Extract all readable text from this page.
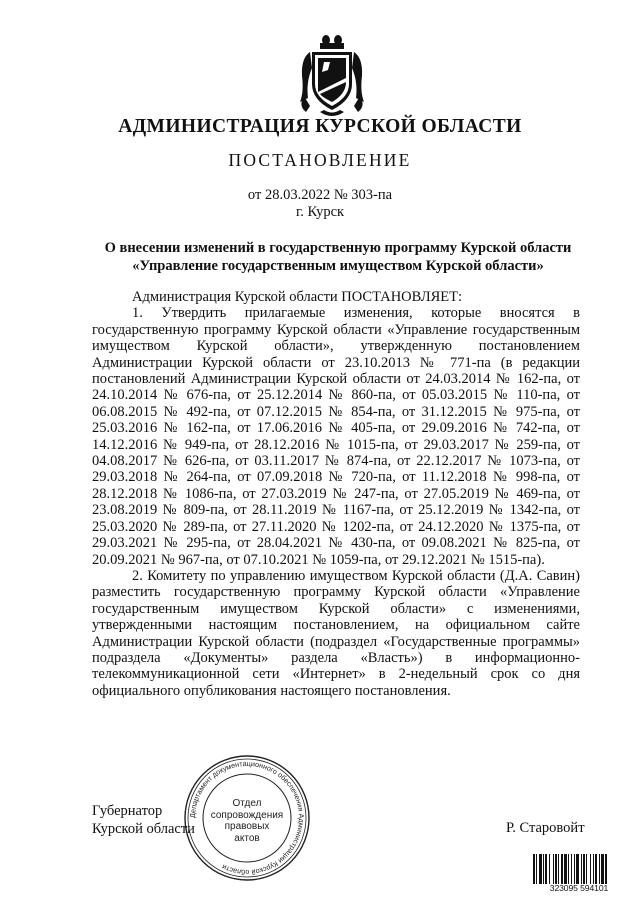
АДМИНИСТРАЦИЯ КУРСКОЙ ОБЛАСТИ
ПОСТАНОВЛЕНИЕ
от 28.03.2022 № 303-па
г. Курск
О внесении изменений в государственную программу Курской области
«Управление государственным имуществом Курской области»

Администрация Курской области ПОСТАНОВЛЯЕТ:

1. Утвердить прилагаемые изменения, которые вносятся в государственную программу Курской области «Управление государственным имуществом Курской области», утвержденную постановлением Администрации Курской области от 23.10.2013 № 771-па (в редакции постановлений Администрации Курской области от 24.03.2014 № 162-па, от 24.10.2014 № 676-па, от 25.12.2014 № 860-па, от 05.03.2015 № 110-па, от 06.08.2015 № 492-па, от 07.12.2015 № 854-па, от 31.12.2015 № 975-па, от 25.03.2016 № 162-па, от 17.06.2016 № 405-па, от 29.09.2016 № 742-па, от 14.12.2016 № 949-па, от 28.12.2016 № 1015-па, от 29.03.2017 № 259-па, от 04.08.2017 № 626-па, от 03.11.2017 № 874-па, от 22.12.2017 № 1073-па, от 29.03.2018 № 264-па, от 07.09.2018 № 720-па, от 11.12.2018 № 998-па, от 28.12.2018 № 1086-па, от 27.03.2019 № 247-па, от 27.05.2019 № 469-па, от 23.08.2019 № 809-па, от 28.11.2019 № 1167-па, от 25.12.2019 № 1342-па, от 25.03.2020 № 289-па, от 27.11.2020 № 1202-па, от 24.12.2020 № 1375-па, от 29.03.2021 № 295-па, от 28.04.2021 № 430-па, от 09.08.2021 № 825-па, от 20.09.2021 № 967-па, от 07.10.2021 № 1059-па, от 29.12.2021 № 1515-па).

2. Комитету по управлению имуществом Курской области (Д.А. Савин) разместить государственную программу Курской области «Управление государственным имуществом Курской области» с изменениями, утвержденными настоящим постановлением, на официальном сайте Администрации Курской области (подраздел «Государственные программы» подраздела «Документы» раздела «Власть») в информационно-телекоммуникационной сети «Интернет» в 2-недельный срок со дня официального опубликования настоящего постановления.

Губернатор
Курской области
Департамент документационного обеспечения Администрации Курской области
Отдел
сопровождения
правовых
актов
Р. Старовойт
323095 594101
